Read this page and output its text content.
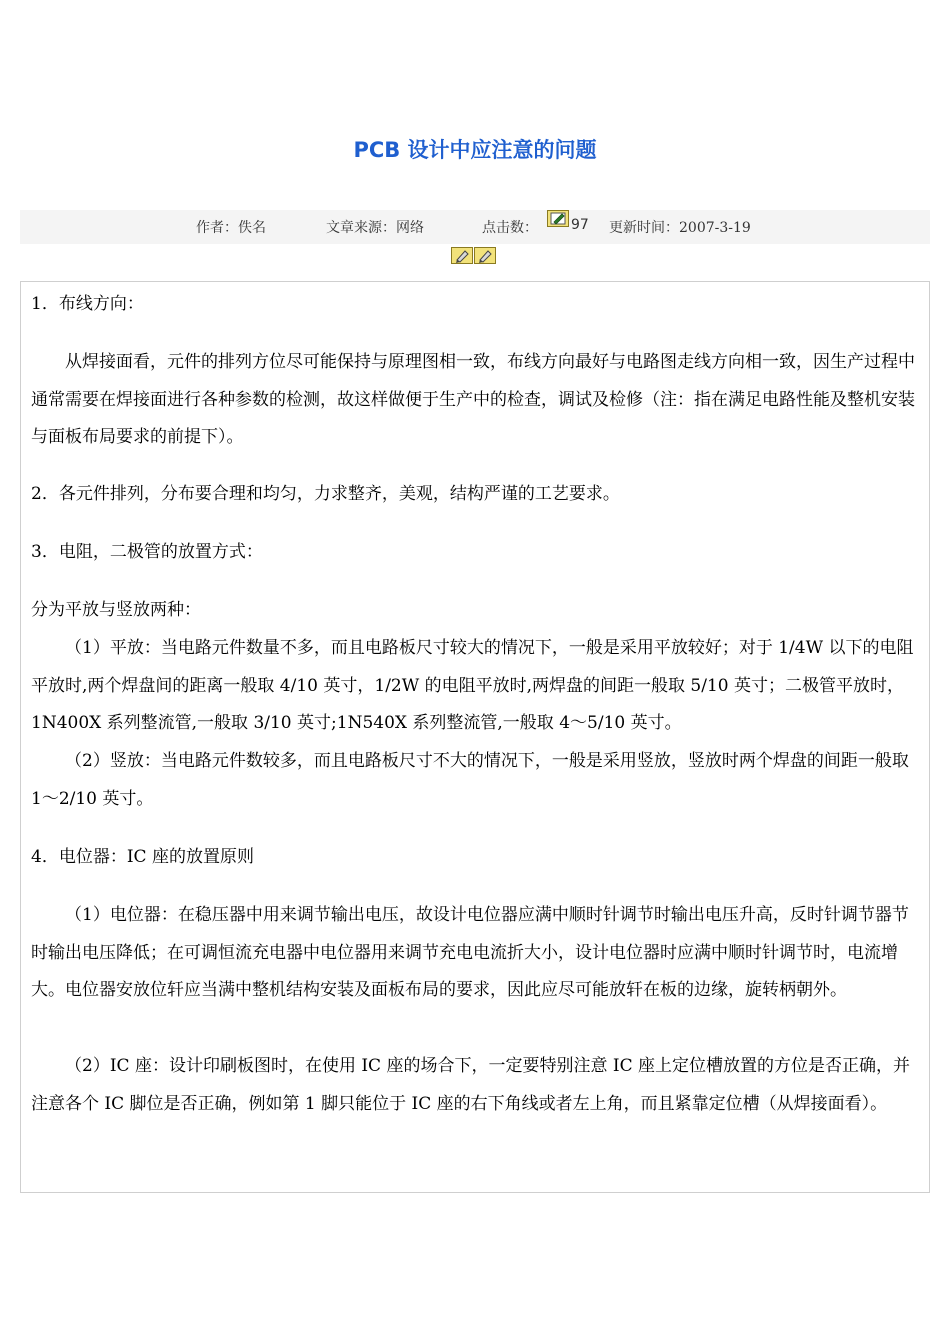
PCB 设计中应注意的问题
作者：佚名	文章来源：网络	点击数： 97 更新时间：2007-3-19

1．布线方向：

从焊接面看，元件的排列方位尽可能保持与原理图相一致，布线方向最好与电路图走线方向相一致，因生产过程中通常需要在焊接面进行各种参数的检测，故这样做便于生产中的检查，调试及检修（注：指在满足电路性能及整机安装与面板布局要求的前提下）。

2．各元件排列，分布要合理和均匀，力求整齐，美观，结构严谨的工艺要求。

3．电阻，二极管的放置方式：

分为平放与竖放两种：

（1）平放：当电路元件数量不多，而且电路板尺寸较大的情况下，一般是采用平放较好；对于 1/4W 以下的电阻平放时,两个焊盘间的距离一般取 4/10 英寸，1/2W 的电阻平放时,两焊盘的间距一般取 5/10 英寸；二极管平放时，1N400X 系列整流管,一般取 3/10 英寸;1N540X 系列整流管,一般取 4～5/10 英寸。

（2）竖放：当电路元件数较多，而且电路板尺寸不大的情况下，一般是采用竖放，竖放时两个焊盘的间距一般取 1～2/10 英寸。

4．电位器：IC 座的放置原则

（1）电位器：在稳压器中用来调节输出电压，故设计电位器应满中顺时针调节时输出电压升高，反时针调节器节时输出电压降低；在可调恒流充电器中电位器用来调节充电电流折大小，设计电位器时应满中顺时针调节时，电流增大。电位器安放位轩应当满中整机结构安装及面板布局的要求，因此应尽可能放轩在板的边缘，旋转柄朝外。

（2）IC 座：设计印刷板图时，在使用 IC 座的场合下，一定要特别注意 IC 座上定位槽放置的方位是否正确，并注意各个 IC 脚位是否正确，例如第 1 脚只能位于 IC 座的右下角线或者左上角，而且紧靠定位槽（从焊接面看）。
